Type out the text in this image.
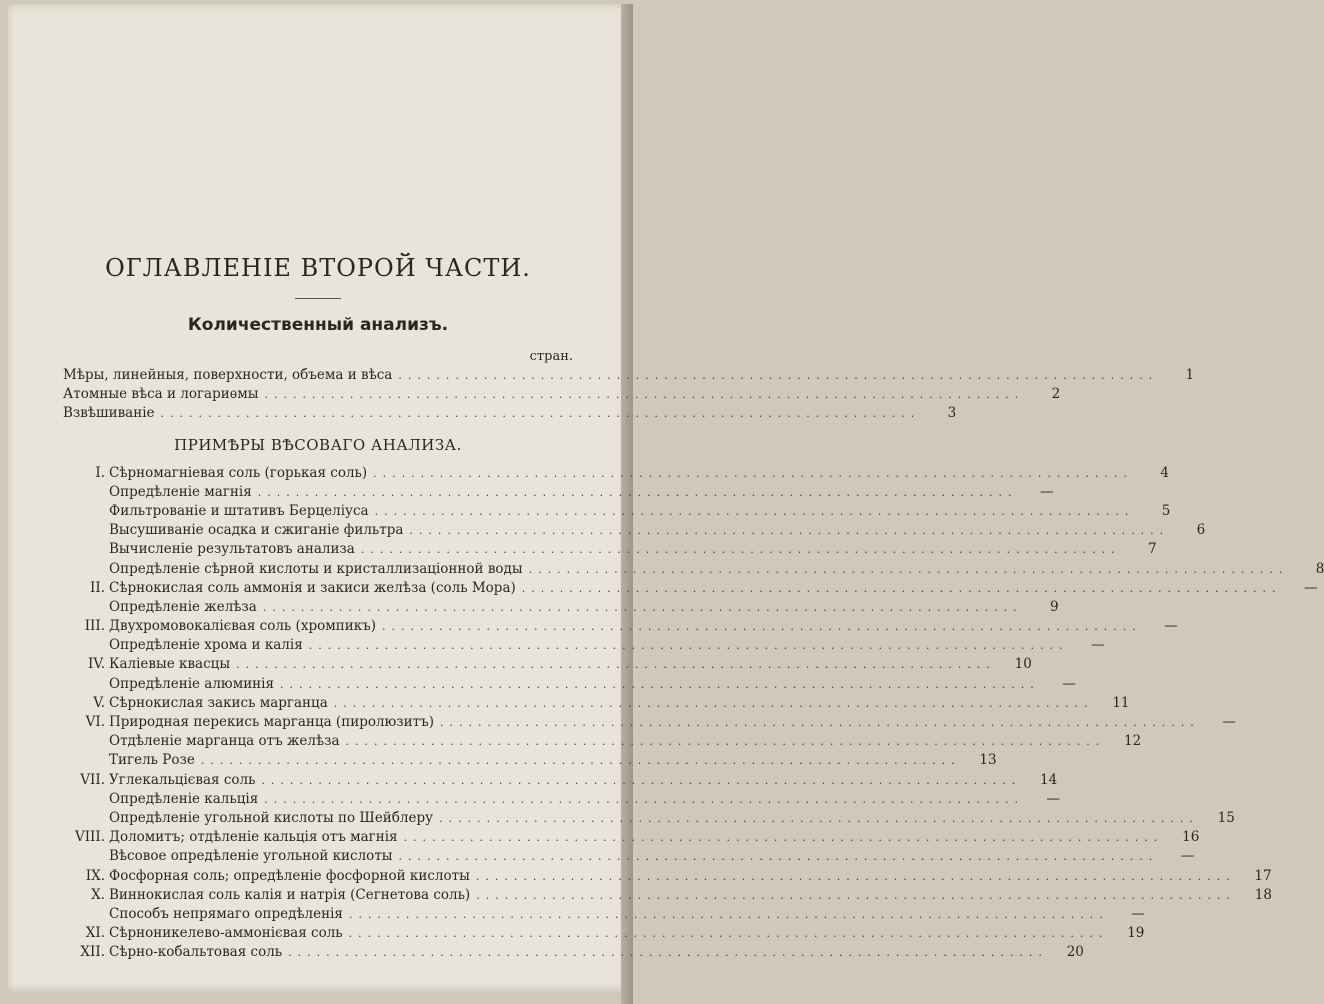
ОГЛАВЛЕНІЕ ВТОРОЙ ЧАСТИ.
Количественный анализъ.
стран.
Мѣры, линейныя, поверхности, объема и вѣса ................................................................................	1
Атомные вѣса и логариѳмы ................................................................................	2
Взвѣшиваніе ................................................................................	3
ПРИМѢРЫ ВѢСОВАГО АНАЛИЗА.
I. Сѣрномагніевая соль (горькая соль) ................................................................................	4
Опредѣленіе магнія ................................................................................	—
Фильтрованіе и штативъ Берцеліуса ................................................................................	5
Высушиваніе осадка и сжиганіе фильтра ................................................................................	6
Вычисленіе результатовъ анализа ................................................................................	7
Опредѣленіе сѣрной кислоты и кристаллизаціонной воды ................................................................................	8
II. Сѣрнокислая соль аммонія и закиси желѣза (соль Мора) ................................................................................	—
Опредѣленіе желѣза ................................................................................	9
III. Двухромовокалієвая соль (хромпикъ) ................................................................................	—
Опредѣленіе хрома и калія ................................................................................	—
IV. Каліевые квасцы ................................................................................	10
Опредѣленіе алюминія ................................................................................	—
V. Сѣрнокислая закись марганца ................................................................................	11
VI. Природная перекись марганца (пиролюзитъ) ................................................................................	—
Отдѣленіе марганца отъ желѣза ................................................................................	12
Тигель Розе ................................................................................	13
VII. Углекальцієвая соль ................................................................................	14
Опредѣленіе кальція ................................................................................	—
Опредѣленіе угольной кислоты по Шейблеру ................................................................................	15
VIII. Доломитъ; отдѣленіе кальція отъ магнія ................................................................................	16
Вѣсовое опредѣленіе угольной кислоты ................................................................................	—
IX. Фосфорная соль; опредѣленіе фосфорной кислоты ................................................................................	17
X. Виннокислая соль калія и натрія (Сегнетова соль) ................................................................................	18
Способъ непрямаго опредѣленія ................................................................................	—
XI. Сѣрноникелево-аммонієвая соль ................................................................................	19
XII. Сѣрно-кобальтовая соль ................................................................................	20
